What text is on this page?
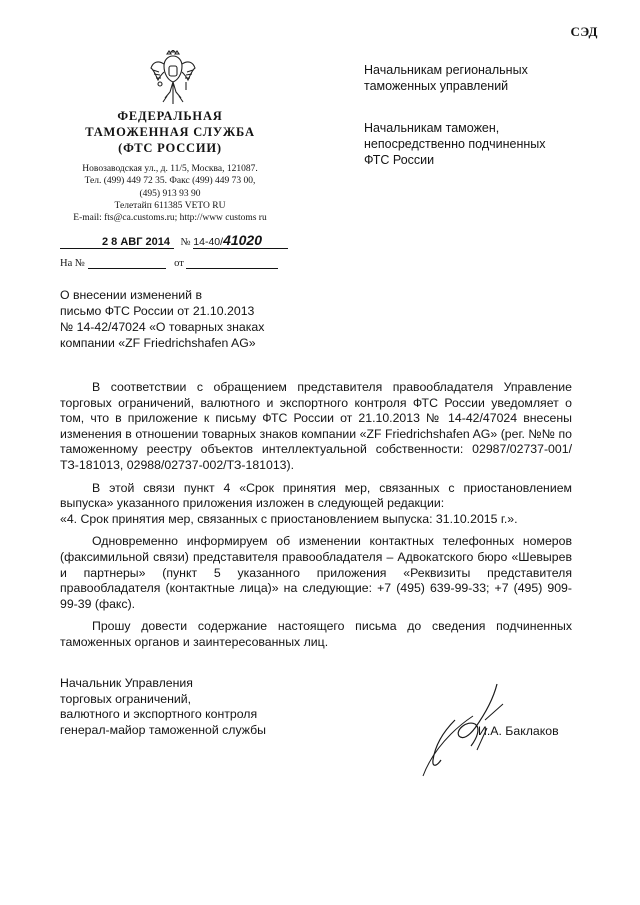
СЭД
ФЕДЕРАЛЬНАЯ
ТАМОЖЕННАЯ СЛУЖБА
(ФТС РОССИИ)
Новозаводская ул., д. 11/5, Москва, 121087.
Тел. (499) 449 72 35. Факс (499) 449 73 00,
(495) 913 93 90
Телетайп 611385 VETO RU
E-mail: fts@ca.customs.ru; http://www customs ru
2 8 АВГ 2014 № 14-40/41020
На №	от
Начальникам региональных
таможенных управлений
Начальникам таможен,
непосредственно подчиненных
ФТС России
О внесении изменений в
письмо ФТС России от 21.10.2013
№ 14-42/47024 «О товарных знаках
компании «ZF Friedrichshafen AG»

В соответствии с обращением представителя правообладателя Управление торговых ограничений, валютного и экспортного контроля ФТС России уведомляет о том, что в приложение к письму ФТС России от 21.10.2013 № 14-42/47024 внесены изменения в отношении товарных знаков компании «ZF Friedrichshafen AG» (рег. №№ по таможенному реестру объектов интеллектуальной собственности: 02987/02737-001/ТЗ-181013, 02988/02737-002/ТЗ-181013).

В этой связи пункт 4 «Срок принятия мер, связанных с приостановлением выпуска» указанного приложения изложен в следующей редакции:

«4. Срок принятия мер, связанных с приостановлением выпуска: 31.10.2015 г.».

Одновременно информируем об изменении контактных телефонных номеров (факсимильной связи) представителя правообладателя – Адвокатского бюро «Шевырев и партнеры» (пункт 5 указанного приложения «Реквизиты представителя правообладателя (контактные лица)» на следующие: +7 (495) 639-99-33; +7 (495) 909-99-39 (факс).

Прошу довести содержание настоящего письма до сведения подчиненных таможенных органов и заинтересованных лиц.

Начальник Управления
торговых ограничений,
валютного и экспортного контроля
генерал-майор таможенной службы	И.А. Баклаков
